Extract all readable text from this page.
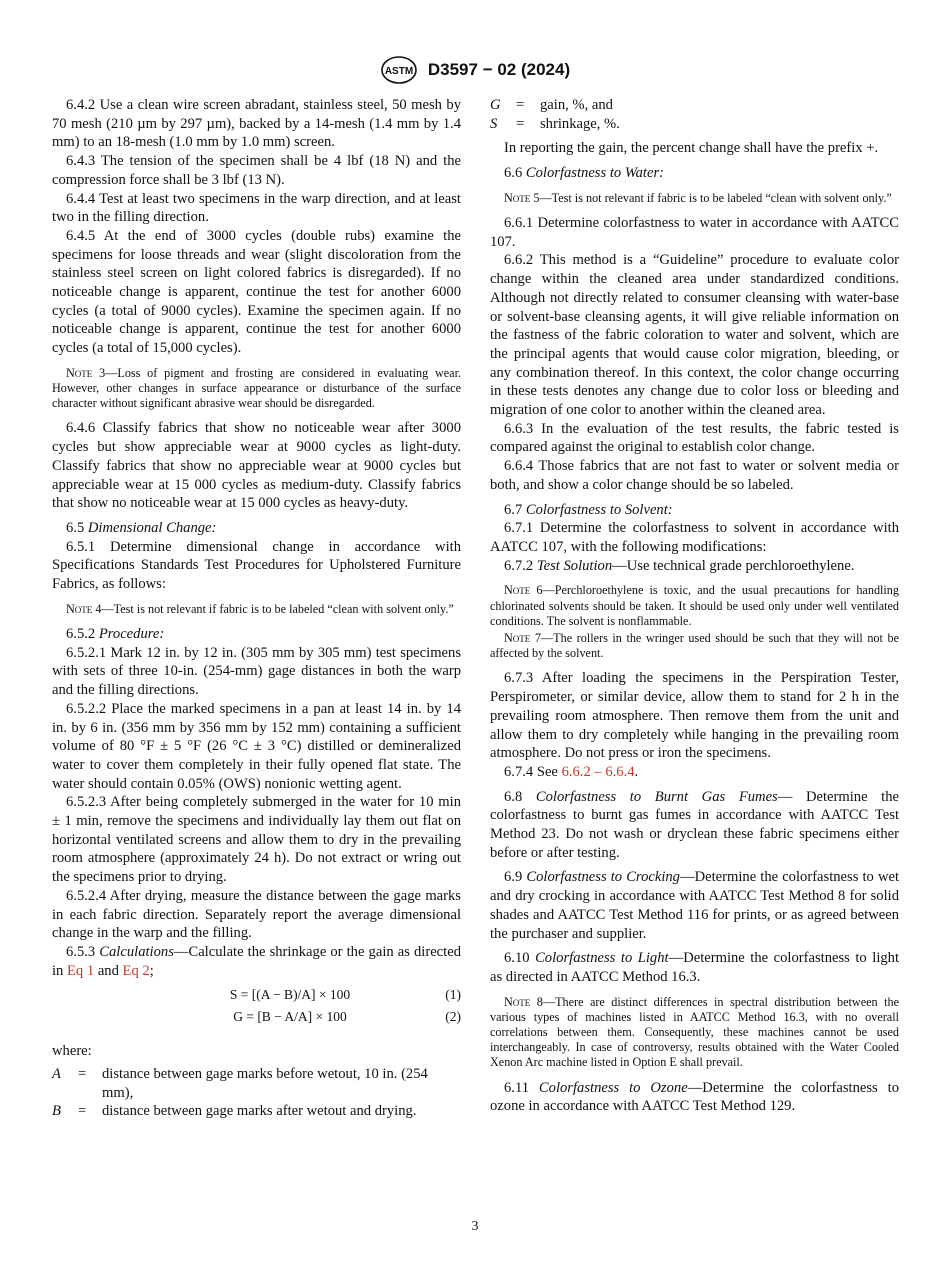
ASTM D3597 − 02 (2024)

6.4.2 Use a clean wire screen abradant, stainless steel, 50 mesh by 70 mesh (210 µm by 297 µm), backed by a 14-mesh (1.4 mm by 1.4 mm) to an 18-mesh (1.0 mm by 1.0 mm) screen.

6.4.3 The tension of the specimen shall be 4 lbf (18 N) and the compression force shall be 3 lbf (13 N).

6.4.4 Test at least two specimens in the warp direction, and at least two in the filling direction.

6.4.5 At the end of 3000 cycles (double rubs) examine the specimens for loose threads and wear (slight discoloration from the stainless steel screen on light colored fabrics is disregarded). If no noticeable change is apparent, continue the test for another 6000 cycles (a total of 9000 cycles). Examine the specimen again. If no noticeable change is apparent, continue the test for another 6000 cycles (a total of 15,000 cycles).

Note 3—Loss of pigment and frosting are considered in evaluating wear. However, other changes in surface appearance or disturbance of the surface character without significant abrasive wear should be disregarded.

6.4.6 Classify fabrics that show no noticeable wear after 3000 cycles but show appreciable wear at 9000 cycles as light-duty. Classify fabrics that show no appreciable wear at 9000 cycles but appreciable wear at 15 000 cycles as medium-duty. Classify fabrics that show no noticeable wear at 15 000 cycles as heavy-duty.

6.5 Dimensional Change:

6.5.1 Determine dimensional change in accordance with Specifications Standards Test Procedures for Upholstered Furniture Fabrics, as follows:

Note 4—Test is not relevant if fabric is to be labeled “clean with solvent only.”

6.5.2 Procedure:

6.5.2.1 Mark 12 in. by 12 in. (305 mm by 305 mm) test specimens with sets of three 10-in. (254-mm) gage distances in both the warp and the filling directions.

6.5.2.2 Place the marked specimens in a pan at least 14 in. by 14 in. by 6 in. (356 mm by 356 mm by 152 mm) containing a sufficient volume of 80 °F ± 5 °F (26 °C ± 3 °C) distilled or demineralized water to cover them completely in their fully opened flat state. The water should contain 0.05% (OWS) nonionic wetting agent.

6.5.2.3 After being completely submerged in the water for 10 min ± 1 min, remove the specimens and individually lay them out flat on horizontal ventilated screens and allow them to dry in the prevailing room atmosphere (approximately 24 h). Do not extract or wring out the specimens prior to drying.

6.5.2.4 After drying, measure the distance between the gage marks in each fabric direction. Separately report the average dimensional change in the warp and the filling.

6.5.3 Calculations—Calculate the shrinkage or the gain as directed in Eq 1 and Eq 2;

S = [(A − B)/A] × 100	(1)
G = [B − A/A] × 100	(2)

where:

A	=	distance between gage marks before wetout, 10 in. (254 mm),
B	=	distance between gage marks after wetout and drying.
G	=	gain, %, and
S	=	shrinkage, %.

In reporting the gain, the percent change shall have the prefix +.

6.6 Colorfastness to Water:

Note 5—Test is not relevant if fabric is to be labeled “clean with solvent only.”

6.6.1 Determine colorfastness to water in accordance with AATCC 107.

6.6.2 This method is a “Guideline” procedure to evaluate color change within the cleaned area under standardized conditions. Although not directly related to consumer cleansing with water-base or solvent-base cleansing agents, it will give reliable information on the fastness of the fabric coloration to water and solvent, which are the principal agents that would cause color migration, bleeding, or any combination thereof. In this context, the color change occurring in these tests denotes any change due to color loss or bleeding and migration of one color to another within the cleaned area.

6.6.3 In the evaluation of the test results, the fabric tested is compared against the original to establish color change.

6.6.4 Those fabrics that are not fast to water or solvent media or both, and show a color change should be so labeled.

6.7 Colorfastness to Solvent:

6.7.1 Determine the colorfastness to solvent in accordance with AATCC 107, with the following modifications:

6.7.2 Test Solution—Use technical grade perchloroethylene.

Note 6—Perchloroethylene is toxic, and the usual precautions for handling chlorinated solvents should be taken. It should be used only under well ventilated conditions. The solvent is nonflammable.
Note 7—The rollers in the wringer used should be such that they will not be affected by the solvent.

6.7.3 After loading the specimens in the Perspiration Tester, Perspirometer, or similar device, allow them to stand for 2 h in the prevailing room atmosphere. Then remove them from the unit and allow them to dry completely while hanging in the prevailing room atmosphere. Do not press or iron the specimens.

6.7.4 See 6.6.2 – 6.6.4.

6.8 Colorfastness to Burnt Gas Fumes— Determine the colorfastness to burnt gas fumes in accordance with AATCC Test Method 23. Do not wash or dryclean these fabric specimens either before or after testing.

6.9 Colorfastness to Crocking—Determine the colorfastness to wet and dry crocking in accordance with AATCC Test Method 8 for solid shades and AATCC Test Method 116 for prints, or as agreed between the purchaser and supplier.

6.10 Colorfastness to Light—Determine the colorfastness to light as directed in AATCC Method 16.3.

Note 8—There are distinct differences in spectral distribution between the various types of machines listed in AATCC Method 16.3, with no overall correlations between them. Consequently, these machines cannot be used interchangeably. In case of controversy, results obtained with the Water Cooled Xenon Arc machine listed in Option E shall prevail.

6.11 Colorfastness to Ozone—Determine the colorfastness to ozone in accordance with AATCC Test Method 129.

3
